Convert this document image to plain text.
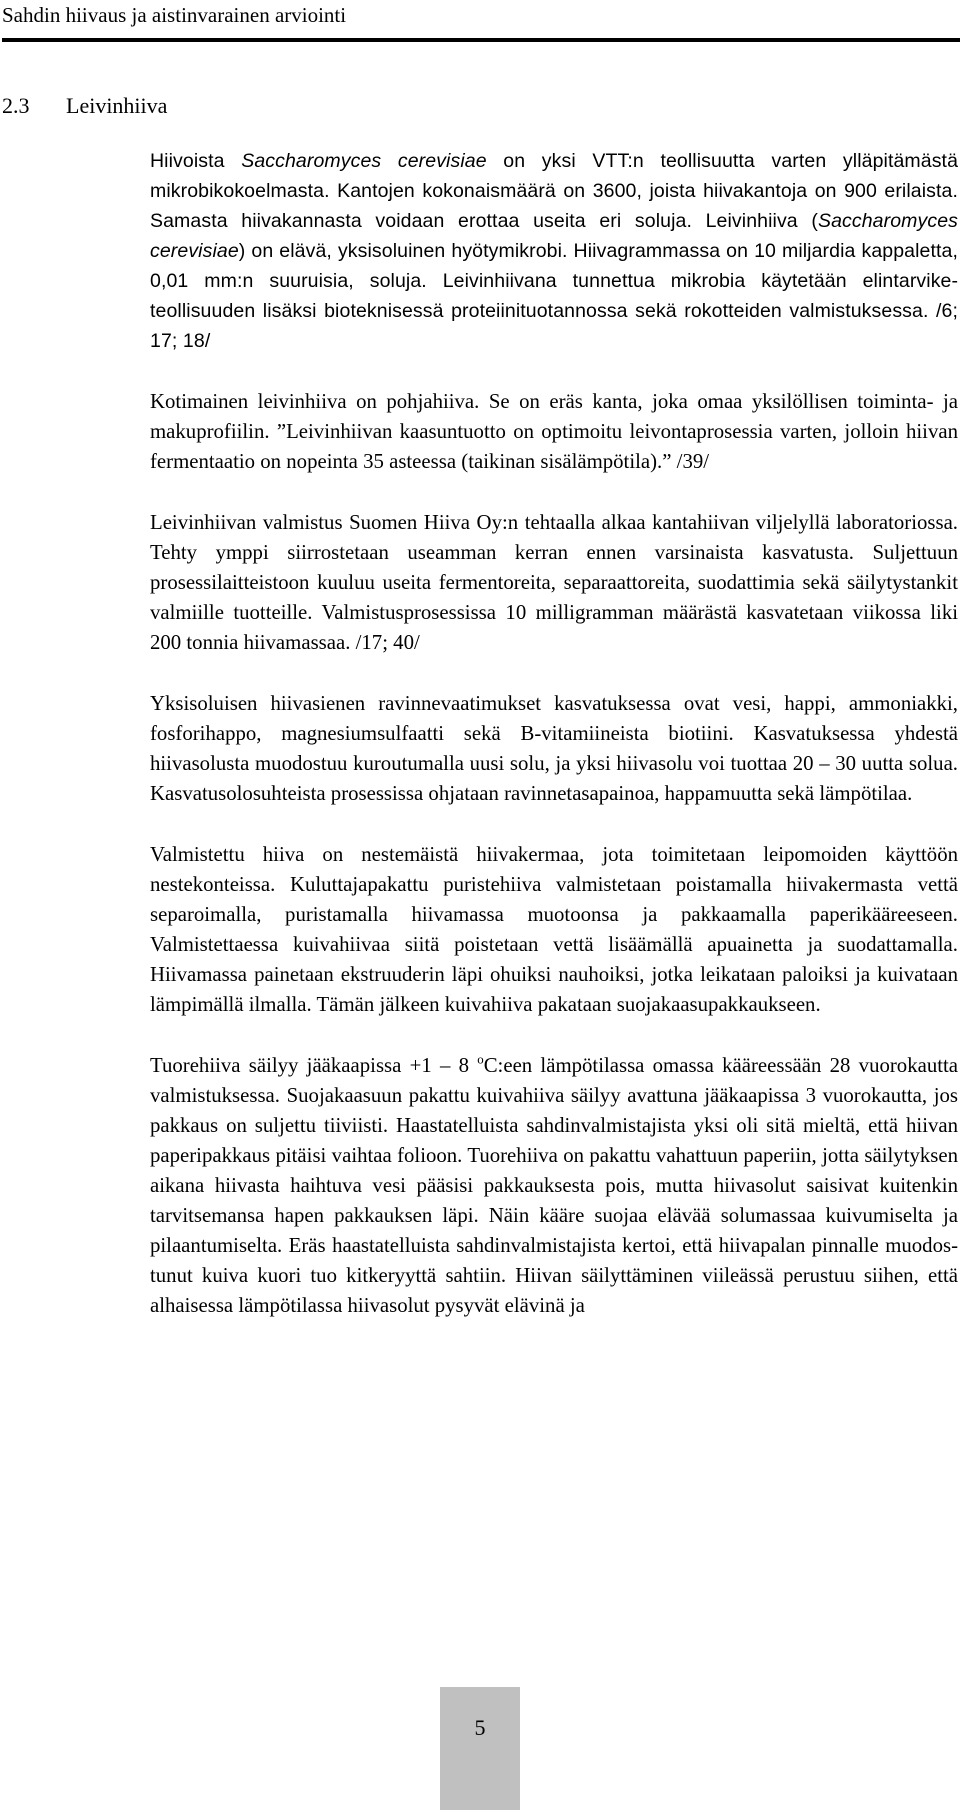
Sahdin hiivaus ja aistinvarainen arviointi
2.3 Leivinhiiva

Hiivoista Saccharomyces cerevisiae on yksi VTT:n teollisuutta varten ylläpitämästä mikrobikokoelmasta. Kantojen kokonaismäärä on 3600, joista hiivakantoja on 900 erilaista. Samasta hiivakannasta voidaan erottaa useita eri soluja. Leivinhiiva (Saccharomyces cerevisiae) on elävä, yksisoluinen hyötymikrobi. Hiivagrammassa on 10 miljardia kappaletta, 0,01 mm:n suuruisia, soluja. Leivinhiivana tunnettua mikrobia käytetään elintarviketeollisuuden lisäksi bioteknisessä proteiinituotannossa sekä rokotteiden valmistuksessa. /6; 17; 18/

Kotimainen leivinhiiva on pohjahiiva. Se on eräs kanta, joka omaa yksilöllisen toiminta- ja makuprofiilin. ”Leivinhiivan kaasuntuotto on optimoitu leivontaprosessia varten, jolloin hiivan fermentaatio on nopeinta 35 asteessa (taikinan sisälämpötila).” /39/

Leivinhiivan valmistus Suomen Hiiva Oy:n tehtaalla alkaa kantahiivan viljelyllä laboratoriossa. Tehty ymppi siirrostetaan useamman kerran ennen varsinaista kasvatusta. Suljettuun prosessilaitteistoon kuuluu useita fermentoreita, separaattoreita, suodattimia sekä säilytystankit valmiille tuotteille. Valmistusprosessissa 10 milligramman määrästä kasvatetaan viikossa liki 200 tonnia hiivamassaa. /17; 40/

Yksisoluisen hiivasienen ravinnevaatimukset kasvatuksessa ovat vesi, happi, ammoniakki, fosforihappo, magnesiumsulfaatti sekä B-vitamiineista biotiini. Kasvatuksessa yhdestä hiivasolusta muodostuu kuroutumalla uusi solu, ja yksi hiivasolu voi tuottaa 20 – 30 uutta solua. Kasvatusolosuhteista prosessissa ohjataan ravinnetasapainoa, happamuutta sekä lämpötilaa.

Valmistettu hiiva on nestemäistä hiivakermaa, jota toimitetaan leipomoiden käyttöön nestekonteissa. Kuluttajapakattu puristehiiva valmistetaan poistamalla hiivakermasta vettä separoimalla, puristamalla hiivamassa muotoonsa ja pakkaamalla paperikääreeseen. Valmistettaessa kuivahiivaa siitä poistetaan vettä lisäämällä apuainetta ja suodattamalla. Hiivamassa painetaan ekstruuderin läpi ohuiksi nauhoiksi, jotka leikataan paloiksi ja kuivataan lämpimällä ilmalla. Tämän jälkeen kuivahiiva pakataan suojakaasupakkaukseen.

Tuorehiiva säilyy jääkaapissa +1 – 8 $^o$C:een lämpötilassa omassa kääreessään 28 vuorokautta valmistuksessa. Suojakaasuun pakattu kuivahiiva säilyy avattuna jääkaapissa 3 vuorokautta, jos pakkaus on suljettu tiiviisti. Haastatelluista sahdinvalmistajista yksi oli sitä mieltä, että hiivan paperipakkaus pitäisi vaihtaa folioon. Tuorehiiva on pakattu vahattuun paperiin, jotta säilytyksen aikana hiivasta haihtuva vesi pääsisi pakkauksesta pois, mutta hiivasolut saisivat kuitenkin tarvitsemansa hapen pakkauksen läpi. Näin kääre suojaa elävää solumassaa kuivumiselta ja pilaantumiselta. Eräs haastatelluista sahdinvalmistajista kertoi, että hiivapalan pinnalle muodostunut kuiva kuori tuo kitkeryyttä sahtiin. Hiivan säilyttäminen viileässä perustuu siihen, että alhaisessa lämpötilassa hiivasolut pysyvät elävinä ja

5
